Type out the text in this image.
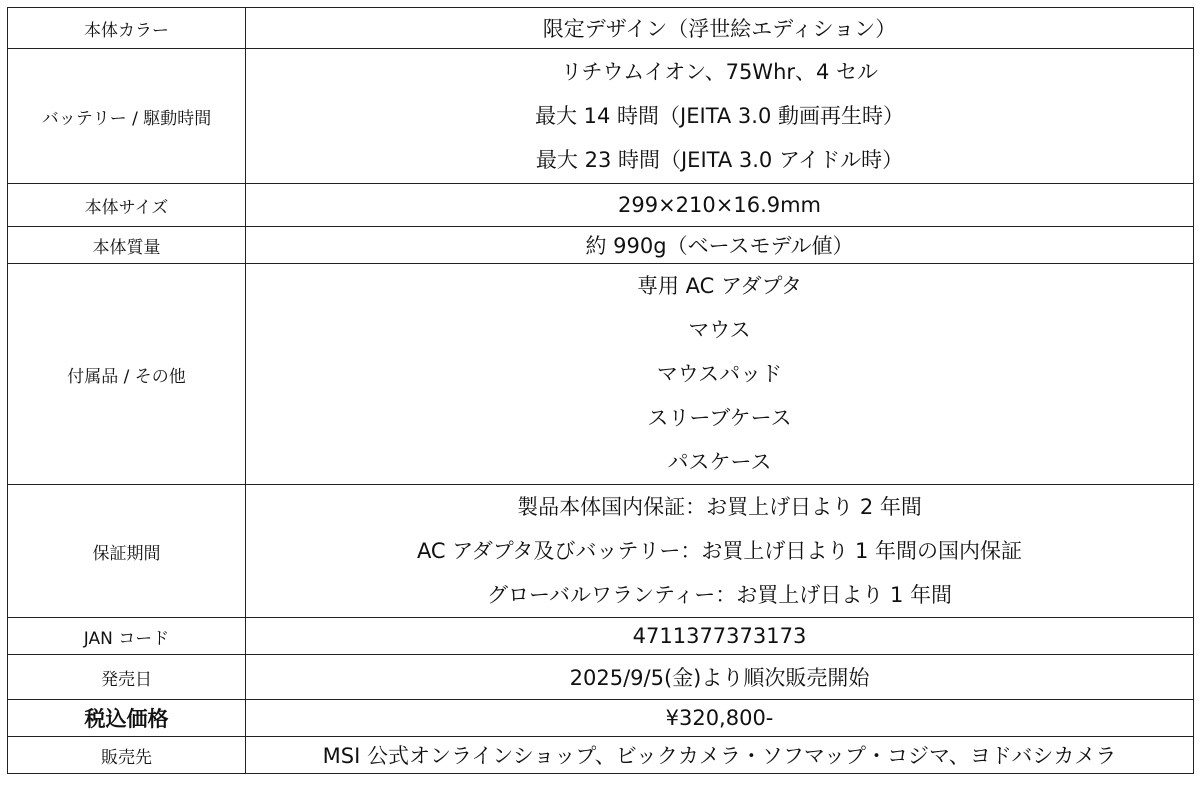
本体カラー	限定デザイン（浮世絵エディション）
バッテリー / 駆動時間	リチウムイオン、75Whr、4 セル
最大 14 時間（JEITA 3.0 動画再生時）
最大 23 時間（JEITA 3.0 アイドル時）

本体サイズ	299×210×16.9mm
本体質量	約 990g（ベースモデル値）
付属品 / その他	専用 AC アダプタ
マウス
マウスパッド
スリーブケース
パスケース

保証期間	製品本体国内保証：お買上げ日より 2 年間
AC アダプタ及びバッテリー：お買上げ日より 1 年間の国内保証
グローバルワランティー：お買上げ日より 1 年間

JAN コード	4711377373173
発売日	2025/9/5(金)より順次販売開始
税込価格	¥320,800-
販売先	MSI 公式オンラインショップ、ビックカメラ・ソフマップ・コジマ、ヨドバシカメラ
